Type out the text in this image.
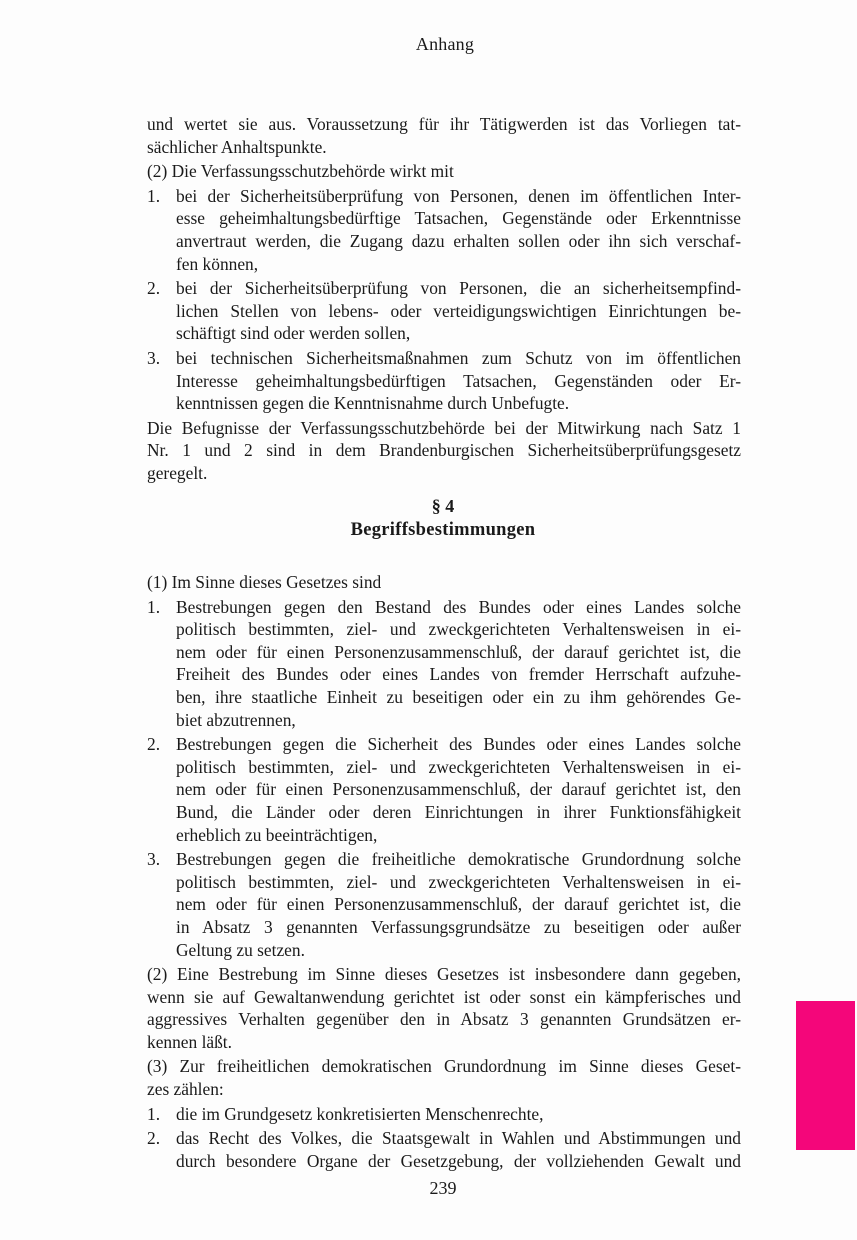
Anhang
und wertet sie aus. Voraussetzung für ihr Tätigwerden ist das Vorliegen tat-
sächlicher Anhaltspunkte.
(2) Die Verfassungsschutzbehörde wirkt mit
1. bei der Sicherheitsüberprüfung von Personen, denen im öffentlichen Inter-
esse geheimhaltungsbedürftige Tatsachen, Gegenstände oder Erkenntnisse
anvertraut werden, die Zugang dazu erhalten sollen oder ihn sich verschaf-
fen können,
2. bei der Sicherheitsüberprüfung von Personen, die an sicherheitsempfind-
lichen Stellen von lebens- oder verteidigungswichtigen Einrichtungen be-
schäftigt sind oder werden sollen,
3. bei technischen Sicherheitsmaßnahmen zum Schutz von im öffentlichen
Interesse geheimhaltungsbedürftigen Tatsachen, Gegenständen oder Er-
kenntnissen gegen die Kenntnisnahme durch Unbefugte.
Die Befugnisse der Verfassungsschutzbehörde bei der Mitwirkung nach Satz 1
Nr. 1 und 2 sind in dem Brandenburgischen Sicherheitsüberprüfungsgesetz
geregelt.
§ 4
Begriffsbestimmungen
(1) Im Sinne dieses Gesetzes sind
1. Bestrebungen gegen den Bestand des Bundes oder eines Landes solche
politisch bestimmten, ziel- und zweckgerichteten Verhaltensweisen in ei-
nem oder für einen Personenzusammenschluß, der darauf gerichtet ist, die
Freiheit des Bundes oder eines Landes von fremder Herrschaft aufzuhe-
ben, ihre staatliche Einheit zu beseitigen oder ein zu ihm gehörendes Ge-
biet abzutrennen,
2. Bestrebungen gegen die Sicherheit des Bundes oder eines Landes solche
politisch bestimmten, ziel- und zweckgerichteten Verhaltensweisen in ei-
nem oder für einen Personenzusammenschluß, der darauf gerichtet ist, den
Bund, die Länder oder deren Einrichtungen in ihrer Funktionsfähigkeit
erheblich zu beeinträchtigen,
3. Bestrebungen gegen die freiheitliche demokratische Grundordnung solche
politisch bestimmten, ziel- und zweckgerichteten Verhaltensweisen in ei-
nem oder für einen Personenzusammenschluß, der darauf gerichtet ist, die
in Absatz 3 genannten Verfassungsgrundsätze zu beseitigen oder außer
Geltung zu setzen.
(2) Eine Bestrebung im Sinne dieses Gesetzes ist insbesondere dann gegeben,
wenn sie auf Gewaltanwendung gerichtet ist oder sonst ein kämpferisches und
aggressives Verhalten gegenüber den in Absatz 3 genannten Grundsätzen er-
kennen läßt.
(3) Zur freiheitlichen demokratischen Grundordnung im Sinne dieses Geset-
zes zählen:
1. die im Grundgesetz konkretisierten Menschenrechte,
2. das Recht des Volkes, die Staatsgewalt in Wahlen und Abstimmungen und
durch besondere Organe der Gesetzgebung, der vollziehenden Gewalt und
239
